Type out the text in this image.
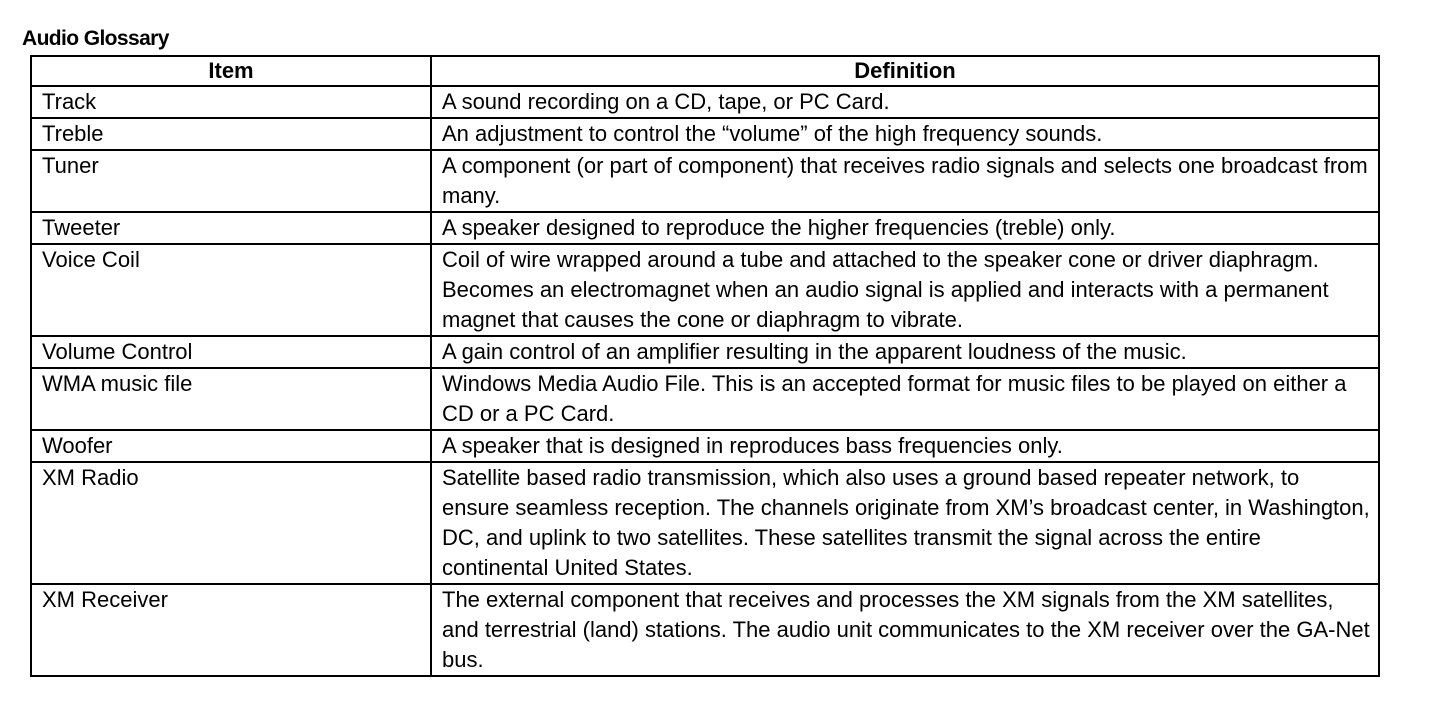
Audio Glossary
Item	Definition
Track	A sound recording on a CD, tape, or PC Card.
Treble	An adjustment to control the “volume” of the high frequency sounds.
Tuner	A component (or part of component) that receives radio signals and selects one broadcast from many.
Tweeter	A speaker designed to reproduce the higher frequencies (treble) only.
Voice Coil	Coil of wire wrapped around a tube and attached to the speaker cone or driver diaphragm. Becomes an electromagnet when an audio signal is applied and interacts with a permanent magnet that causes the cone or diaphragm to vibrate.
Volume Control	A gain control of an amplifier resulting in the apparent loudness of the music.
WMA music file	Windows Media Audio File. This is an accepted format for music files to be played on either a CD or a PC Card.
Woofer	A speaker that is designed in reproduces bass frequencies only.
XM Radio	Satellite based radio transmission, which also uses a ground based repeater network, to ensure seamless reception. The channels originate from XM’s broadcast center, in Washington, DC, and uplink to two satellites. These satellites transmit the signal across the entire continental United States.
XM Receiver	The external component that receives and processes the XM signals from the XM satellites, and terrestrial (land) stations. The audio unit communicates to the XM receiver over the GA-Net bus.
